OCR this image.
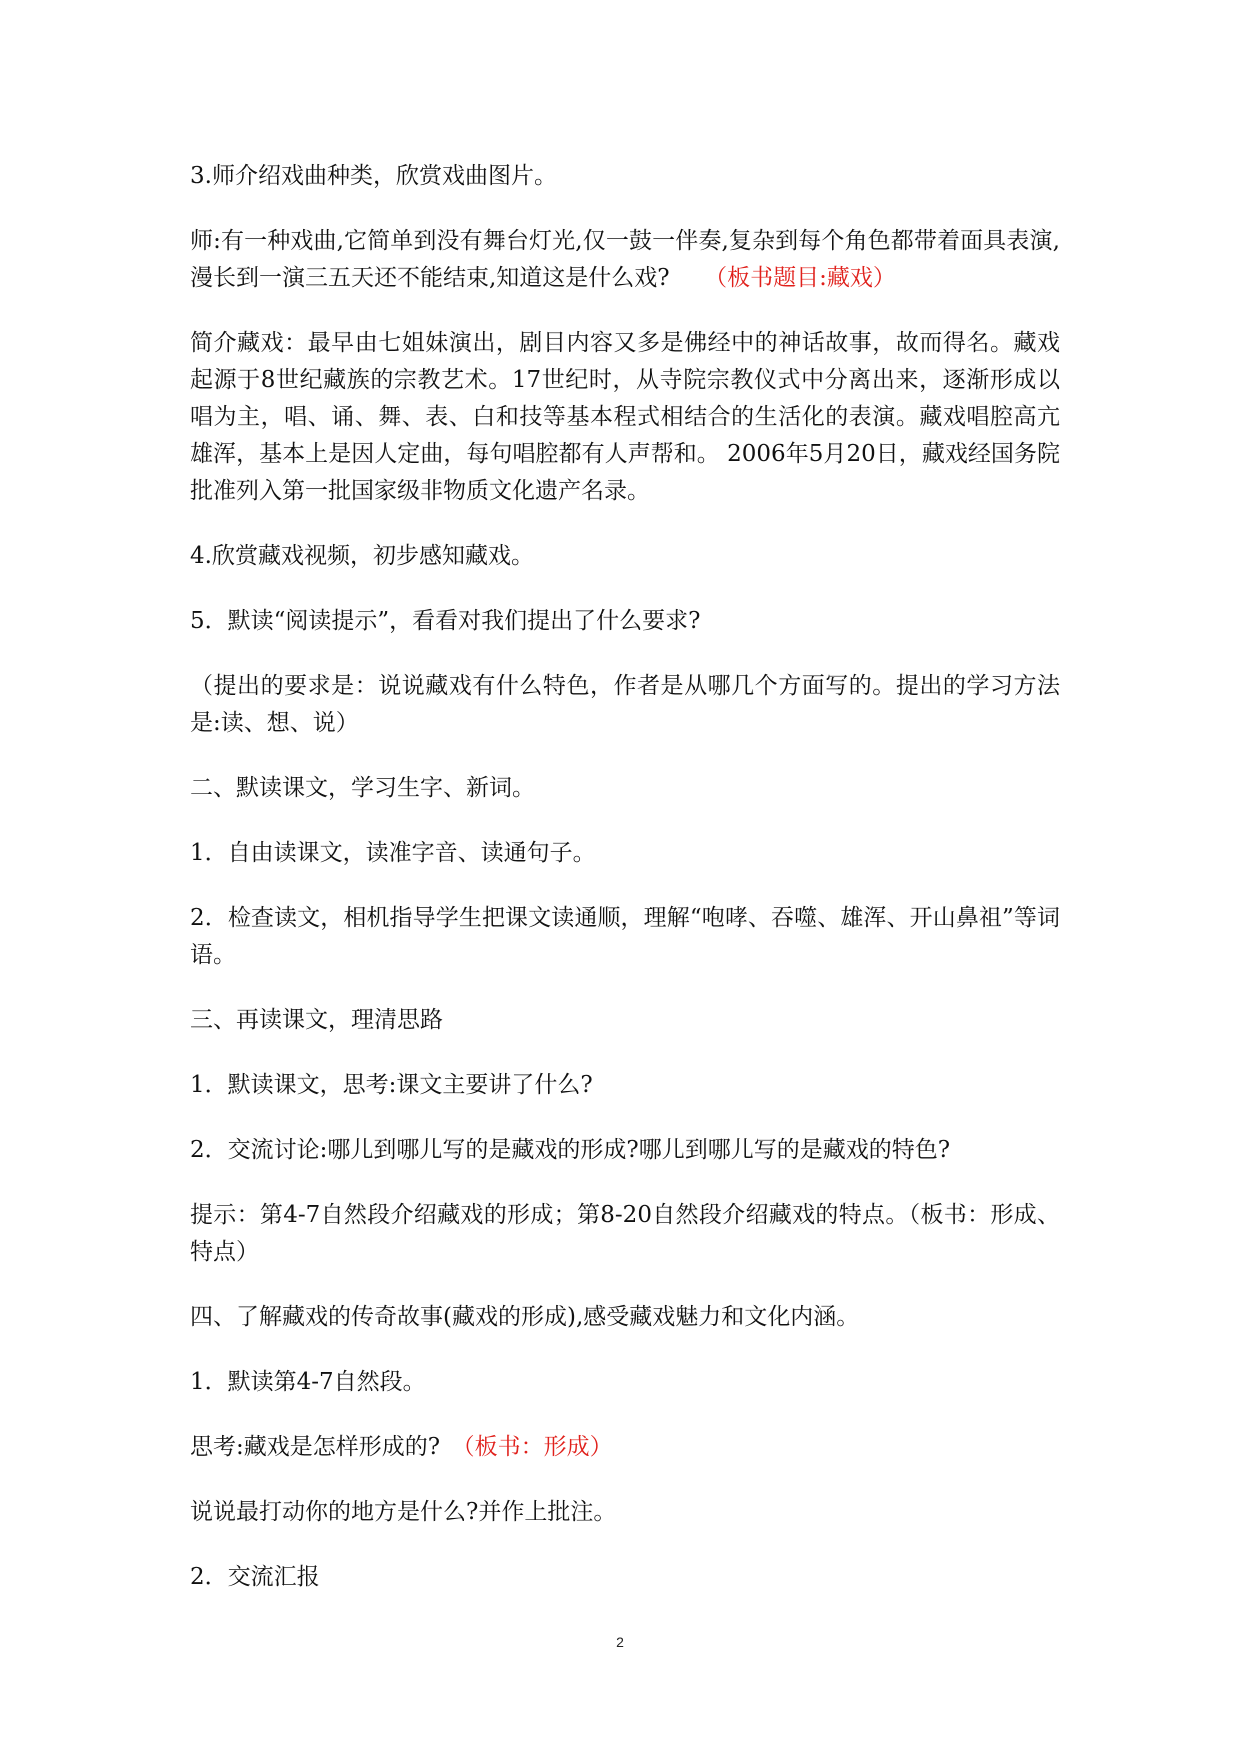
3.师介绍戏曲种类，欣赏戏曲图片。

师:有一种戏曲,它简单到没有舞台灯光,仅一鼓一伴奏,复杂到每个角色都带着面具表演,漫长到一演三五天还不能结束,知道这是什么戏?　　（板书题目:藏戏）

简介藏戏：最早由七姐妹演出，剧目内容又多是佛经中的神话故事，故而得名。藏戏起源于8世纪藏族的宗教艺术。17世纪时，从寺院宗教仪式中分离出来，逐渐形成以唱为主，唱、诵、舞、表、白和技等基本程式相结合的生活化的表演。藏戏唱腔高亢雄浑，基本上是因人定曲，每句唱腔都有人声帮和。 2006年5月20日，藏戏经国务院批准列入第一批国家级非物质文化遗产名录。

4.欣赏藏戏视频，初步感知藏戏。

5．默读“阅读提示”，看看对我们提出了什么要求?

（提出的要求是：说说藏戏有什么特色，作者是从哪几个方面写的。提出的学习方法是:读、想、说）

二、默读课文，学习生字、新词。

1．自由读课文，读准字音、读通句子。

2．检查读文，相机指导学生把课文读通顺，理解“咆哮、吞噬、雄浑、开山鼻祖”等词语。

三、再读课文，理清思路

1．默读课文，思考:课文主要讲了什么?

2．交流讨论:哪儿到哪儿写的是藏戏的形成?哪儿到哪儿写的是藏戏的特色?

提示：第4-7自然段介绍藏戏的形成；第8-20自然段介绍藏戏的特点。（板书：形成、特点）

四、了解藏戏的传奇故事(藏戏的形成),感受藏戏魅力和文化内涵。

1．默读第4-7自然段。

思考:藏戏是怎样形成的?　（板书：形成）

说说最打动你的地方是什么?并作上批注。

2．交流汇报

2
